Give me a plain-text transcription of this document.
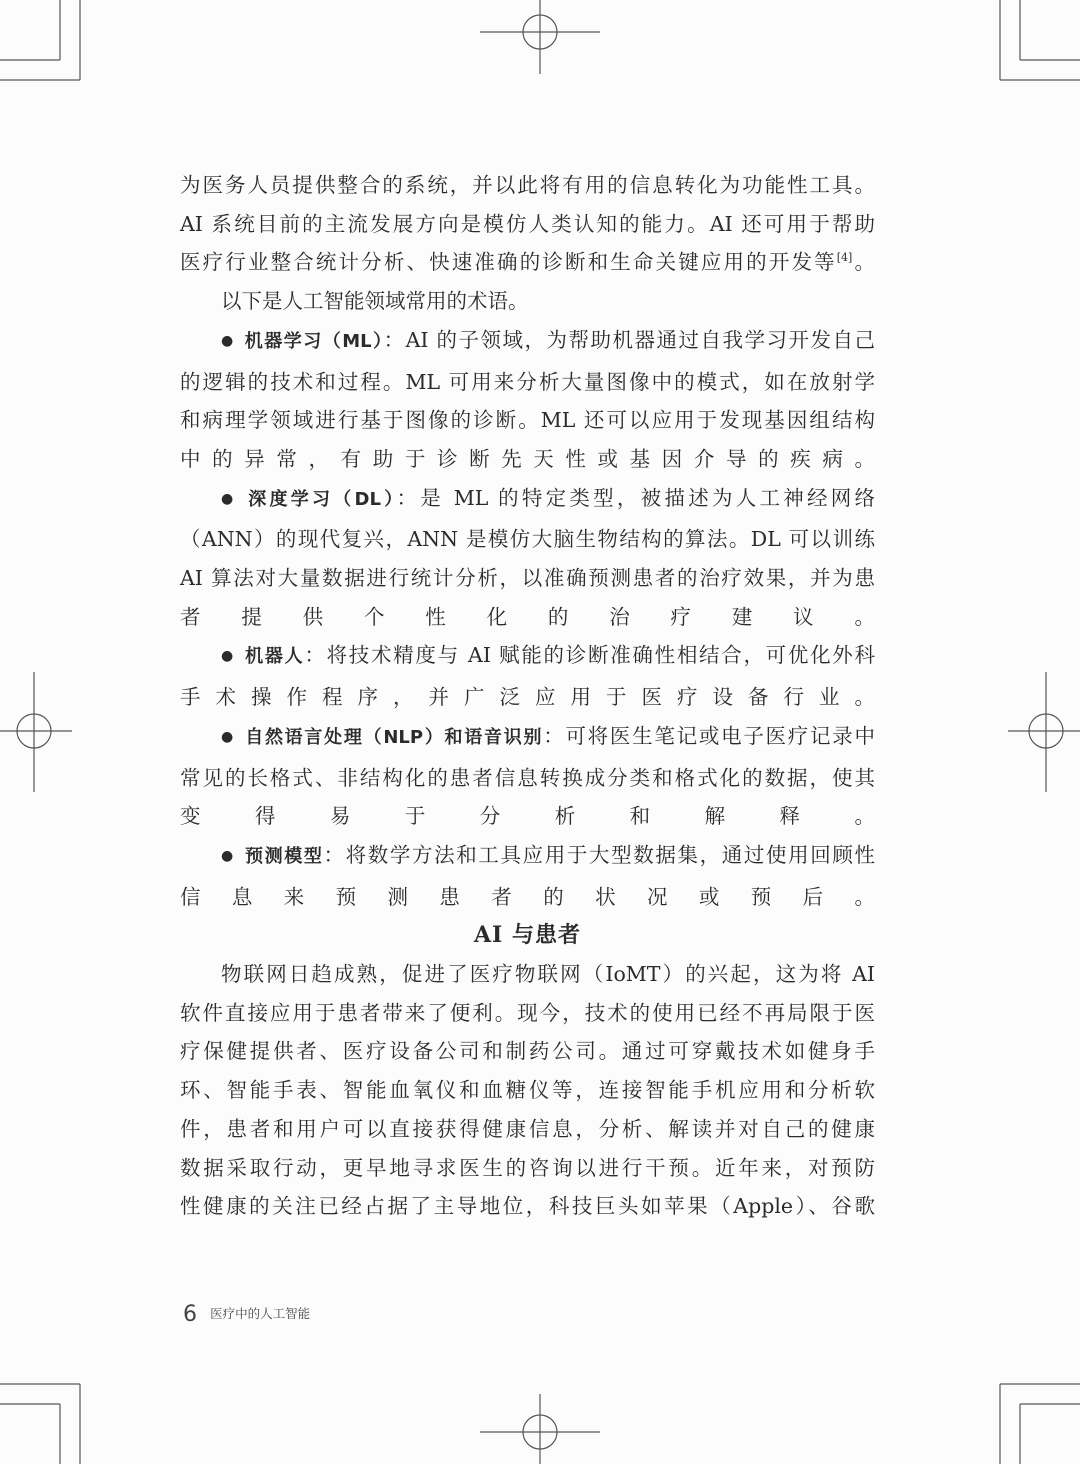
为医务人员提供整合的系统，并以此将有用的信息转化为功能性工具。
AI 系统目前的主流发展方向是模仿人类认知的能力。AI 还可用于帮助
医疗行业整合统计分析、快速准确的诊断和生命关键应用的开发等[4]。

以下是人工智能领域常用的术语。

● 机器学习（ML）：AI 的子领域，为帮助机器通过自我学习开发自己
的逻辑的技术和过程。ML 可用来分析大量图像中的模式，如在放射学
和病理学领域进行基于图像的诊断。ML 还可以应用于发现基因组结构
中的异常，有助于诊断先天性或基因介导的疾病。

● 深度学习（DL）：是 ML 的特定类型，被描述为人工神经网络
（ANN）的现代复兴，ANN 是模仿大脑生物结构的算法。DL 可以训练
AI 算法对大量数据进行统计分析，以准确预测患者的治疗效果，并为患
者提供个性化的治疗建议。

● 机器人：将技术精度与 AI 赋能的诊断准确性相结合，可优化外科
手术操作程序，并广泛应用于医疗设备行业。

● 自然语言处理（NLP）和语音识别：可将医生笔记或电子医疗记录中
常见的长格式、非结构化的患者信息转换成分类和格式化的数据，使其
变得易于分析和解释。

● 预测模型：将数学方法和工具应用于大型数据集，通过使用回顾性
信息来预测患者的状况或预后。

AI 与患者

物联网日趋成熟，促进了医疗物联网（IoMT）的兴起，这为将 AI
软件直接应用于患者带来了便利。现今，技术的使用已经不再局限于医
疗保健提供者、医疗设备公司和制药公司。通过可穿戴技术如健身手
环、智能手表、智能血氧仪和血糖仪等，连接智能手机应用和分析软
件，患者和用户可以直接获得健康信息，分析、解读并对自己的健康
数据采取行动，更早地寻求医生的咨询以进行干预。近年来，对预防
性健康的关注已经占据了主导地位，科技巨头如苹果（Apple）、谷歌

6 医疗中的人工智能
